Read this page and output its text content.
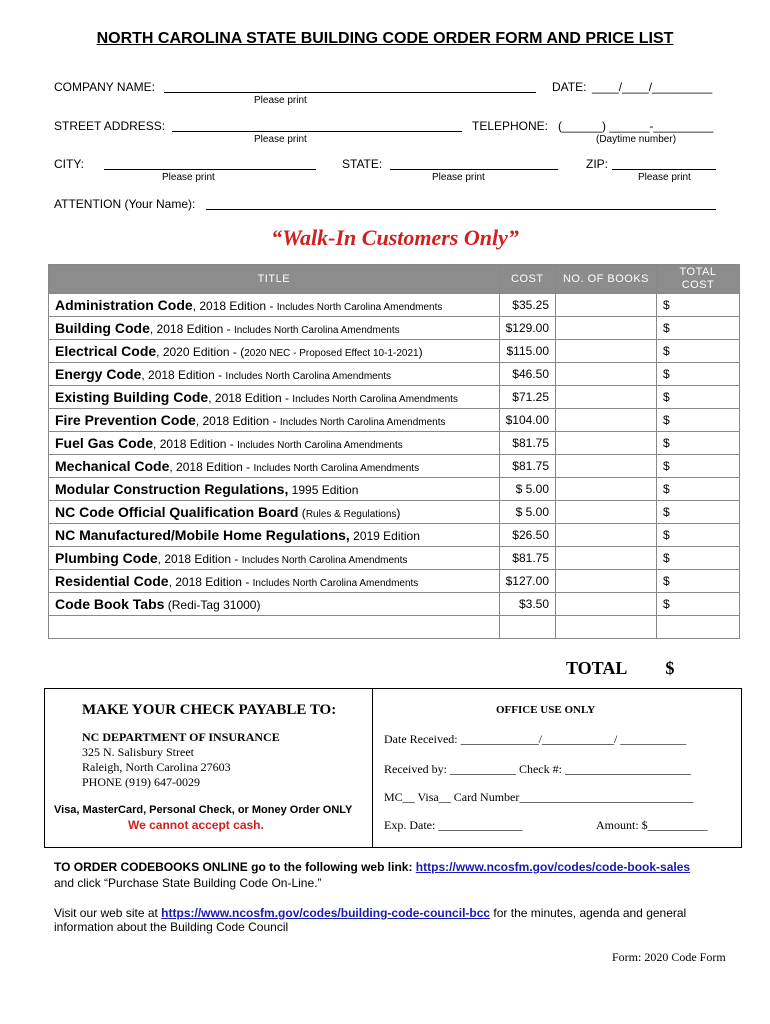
NORTH CAROLINA STATE BUILDING CODE ORDER FORM AND PRICE LIST
COMPANY NAME:
Please print
DATE: ____/____/_________
STREET ADDRESS:
Please print
TELEPHONE: (______) ______-_________
(Daytime number)
CITY:
Please print
STATE:
Please print
ZIP:
Please print
ATTENTION (Your Name):
“Walk-In Customers Only”
TITLE	COST	NO. OF BOOKS	TOTAL COST
Administration Code, 2018 Edition - Includes North Carolina Amendments	$35.25		$
Building Code, 2018 Edition - Includes North Carolina Amendments	$129.00		$
Electrical Code, 2020 Edition - (2020 NEC - Proposed Effect 10-1-2021)	$115.00		$
Energy Code, 2018 Edition - Includes North Carolina Amendments	$46.50		$
Existing Building Code, 2018 Edition - Includes North Carolina Amendments	$71.25		$
Fire Prevention Code, 2018 Edition - Includes North Carolina Amendments	$104.00		$
Fuel Gas Code, 2018 Edition - Includes North Carolina Amendments	$81.75		$
Mechanical Code, 2018 Edition - Includes North Carolina Amendments	$81.75		$
Modular Construction Regulations, 1995 Edition	$ 5.00		$
NC Code Official Qualification Board (Rules & Regulations)	$ 5.00		$
NC Manufactured/Mobile Home Regulations, 2019 Edition	$26.50		$
Plumbing Code, 2018 Edition - Includes North Carolina Amendments	$81.75		$
Residential Code, 2018 Edition - Includes North Carolina Amendments	$127.00		$
Code Book Tabs (Redi-Tag 31000)	$3.50		$

TOTAL $
MAKE YOUR CHECK PAYABLE TO:
NC DEPARTMENT OF INSURANCE
325 N. Salisbury Street
Raleigh, North Carolina 27603
PHONE (919) 647-0029
Visa, MasterCard, Personal Check, or Money Order ONLY
We cannot accept cash.
OFFICE USE ONLY
Date Received: _____________/____________/ ___________
Received by: ___________ Check #: _____________________
MC__ Visa__ Card Number_____________________________
Exp. Date: ______________	Amount: $__________
TO ORDER CODEBOOKS ONLINE go to the following web link: https://www.ncosfm.gov/codes/code-book-sales
and click “Purchase State Building Code On-Line.”
Visit our web site at https://www.ncosfm.gov/codes/building-code-council-bcc for the minutes, agenda and general
information about the Building Code Council
Form: 2020 Code Form
